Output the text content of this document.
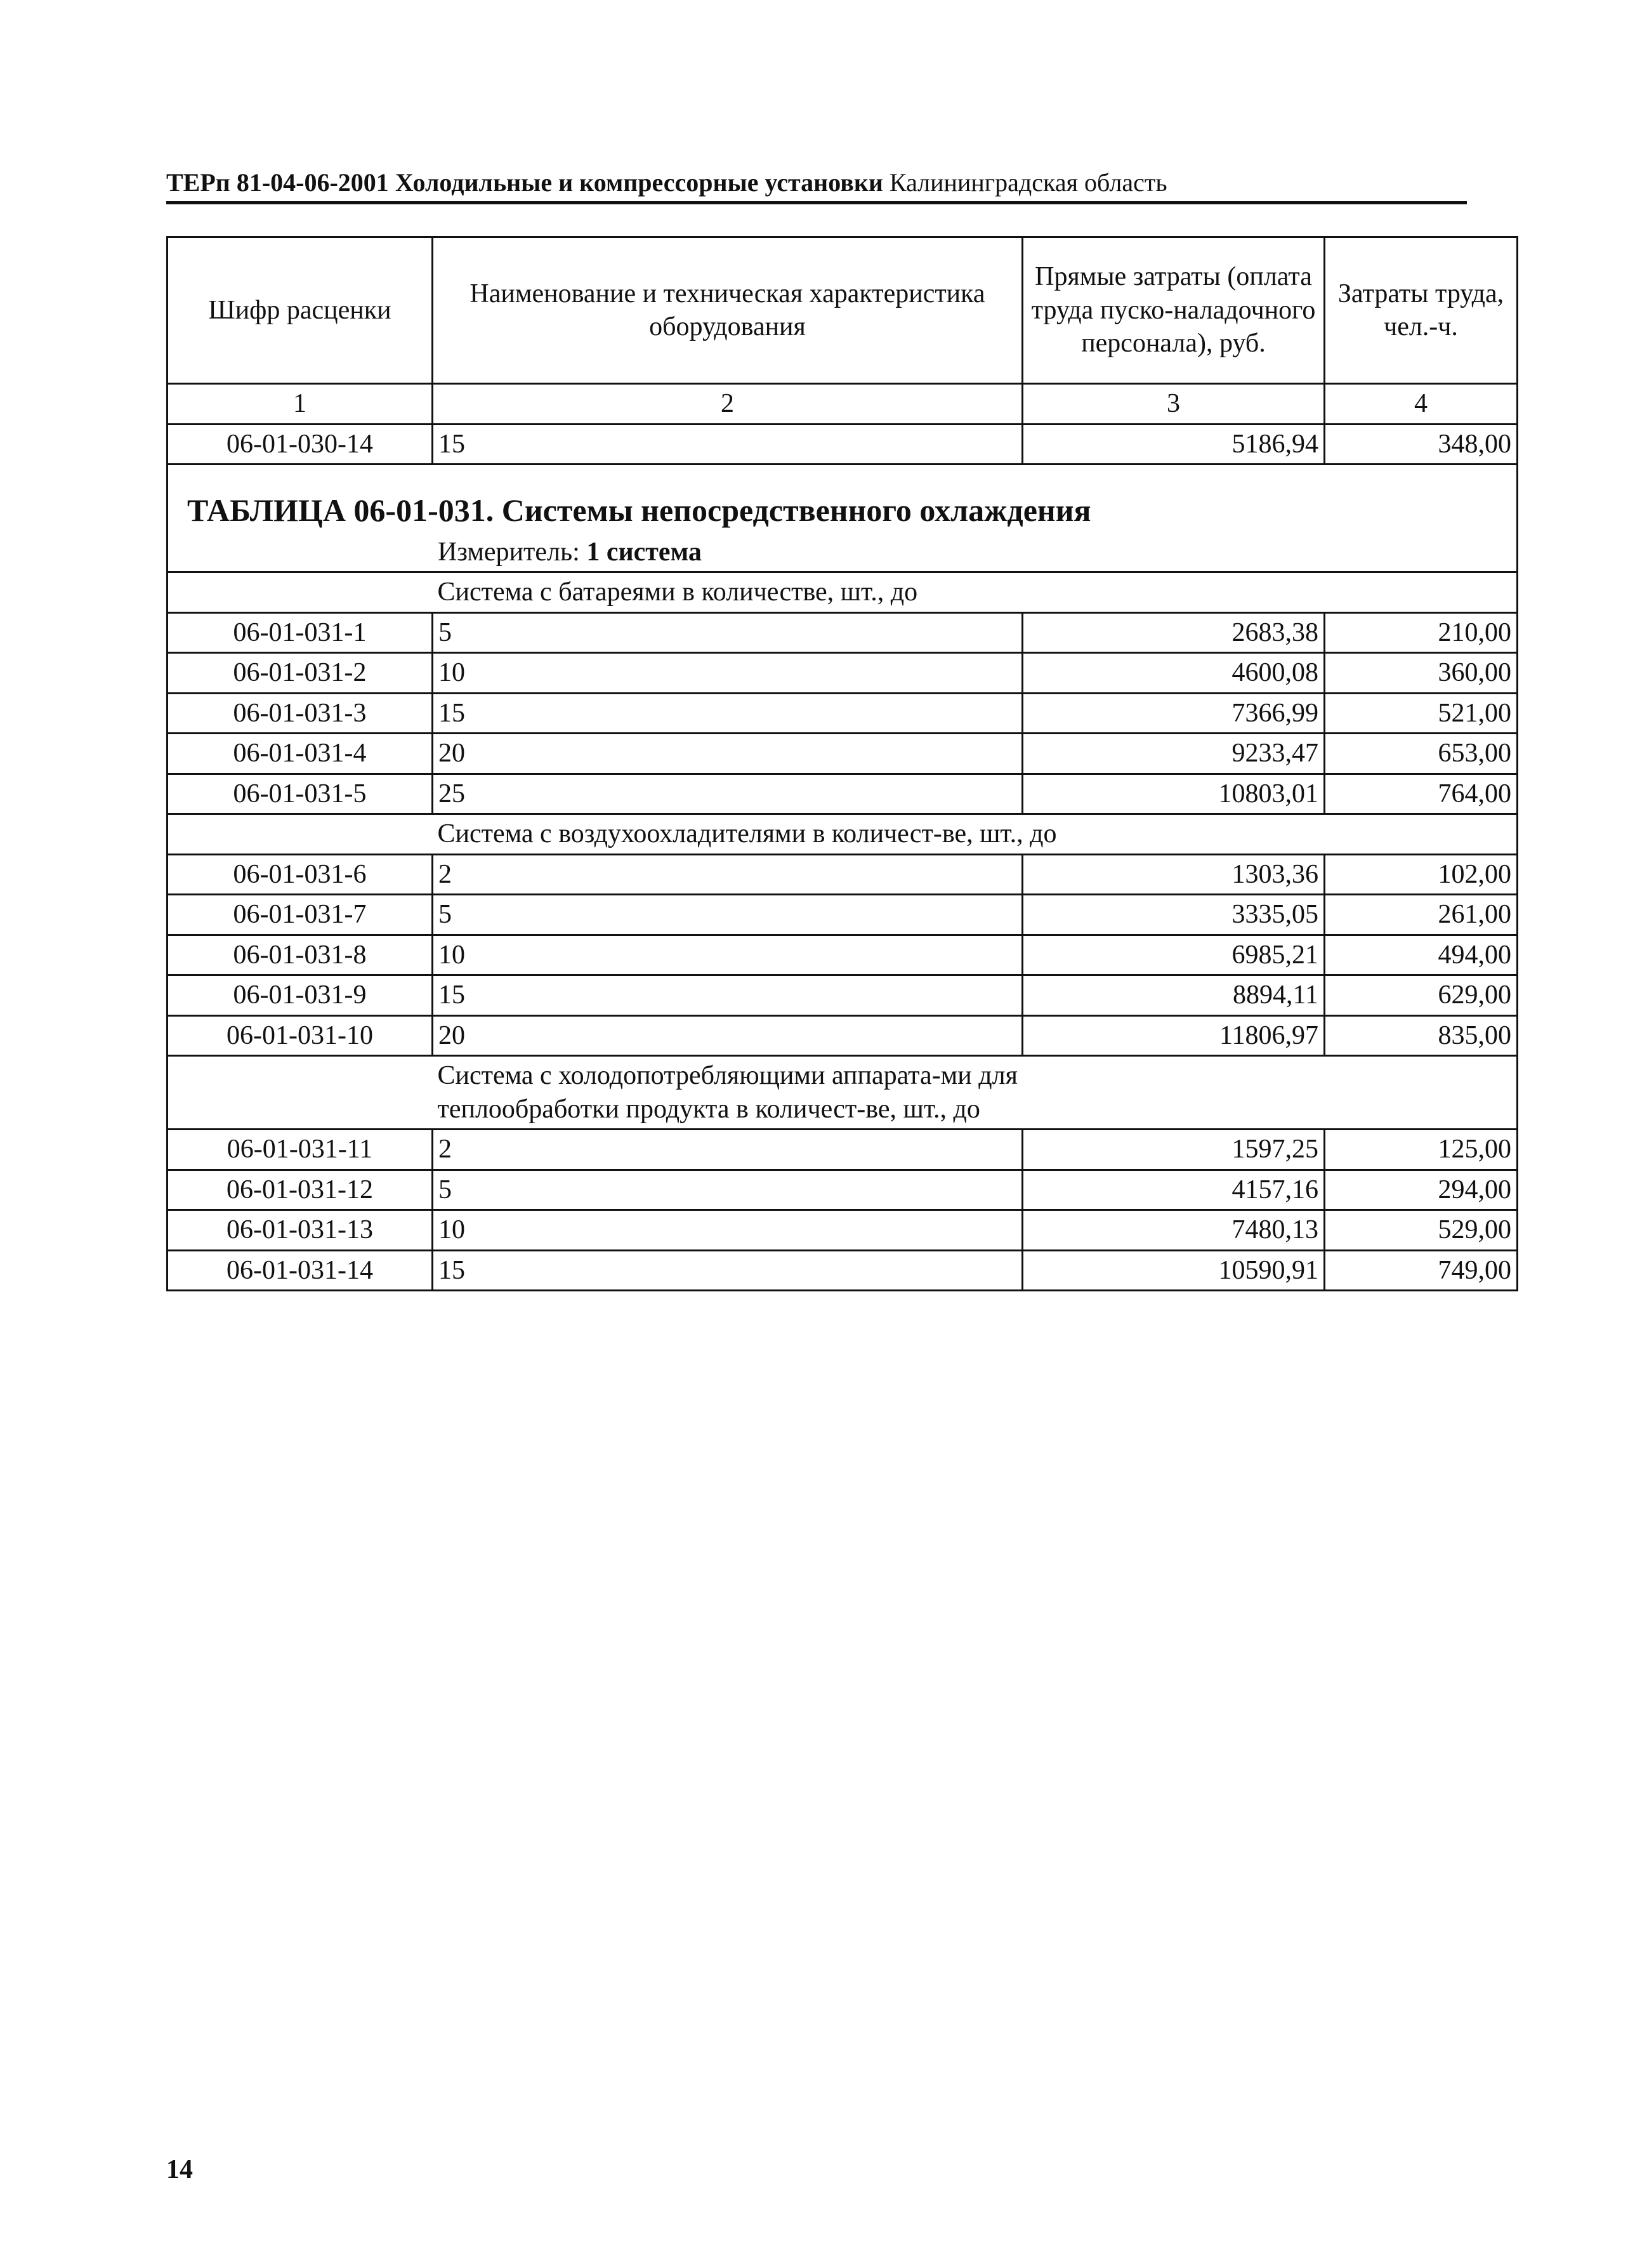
ТЕРп 81-04-06-2001 Холодильные и компрессорные установки Калининградская область
Шифр расценки	Наименование и техническая характеристика оборудования	Прямые затраты (оплата труда пуско-наладочного персонала), руб.	Затраты труда, чел.-ч.
1	2	3	4
06-01-030-14	15	5186,94	348,00
ТАБЛИЦА 06-01-031. Системы непосредственного охлаждения			

Измеритель: 1 система			

	Система с батареями в количестве, шт., до		
06-01-031-1	5	2683,38	210,00
06-01-031-2	10	4600,08	360,00
06-01-031-3	15	7366,99	521,00
06-01-031-4	20	9233,47	653,00
06-01-031-5	25	10803,01	764,00
	Система с воздухоохладителями в количест-ве, шт., до		
06-01-031-6	2	1303,36	102,00
06-01-031-7	5	3335,05	261,00
06-01-031-8	10	6985,21	494,00
06-01-031-9	15	8894,11	629,00
06-01-031-10	20	11806,97	835,00
	Система с холодопотребляющими аппарата-ми для теплообработки продукта в количест-ве, шт., до		
06-01-031-11	2	1597,25	125,00
06-01-031-12	5	4157,16	294,00
06-01-031-13	10	7480,13	529,00
06-01-031-14	15	10590,91	749,00
14
